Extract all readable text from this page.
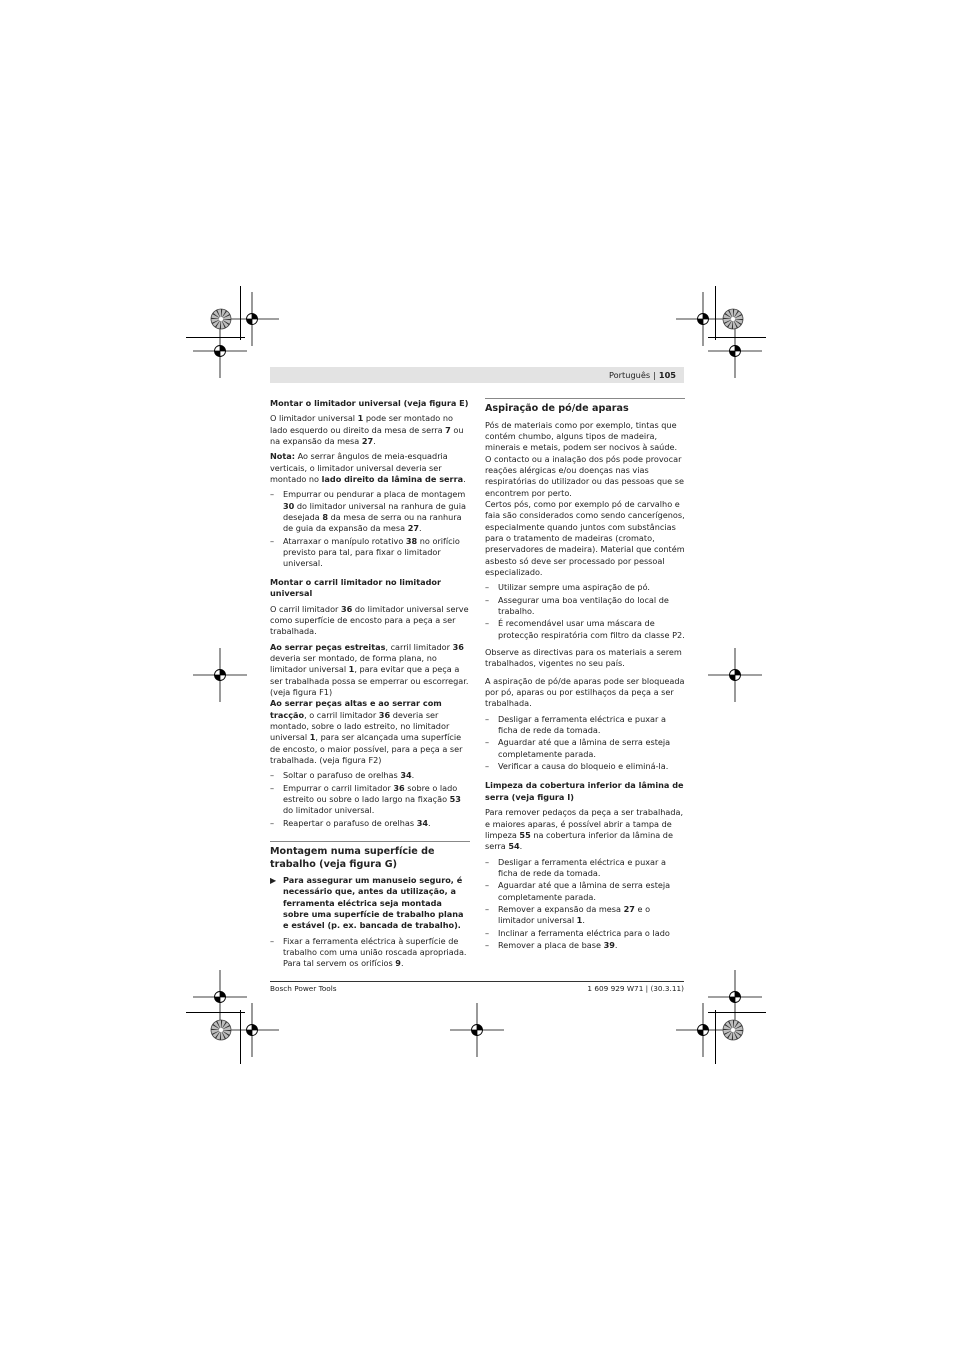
Português | 105
Montar o limitador universal (veja figura E)

O limitador universal 1 pode ser montado no lado esquerdo ou direito da mesa de serra 7 ou na expansão da mesa 27.

Nota: Ao serrar ângulos de meia-esquadria verticais, o limitador universal deveria ser montado no lado direito da lâmina de serra.

– Empurrar ou pendurar a placa de montagem 30 do limitador universal na ranhura de guia desejada 8 da mesa de serra ou na ranhura de guia da expansão da mesa 27.
– Atarraxar o manípulo rotativo 38 no orifício previsto para tal, para fixar o limitador universal.
Montar o carril limitador no limitador universal

O carril limitador 36 do limitador universal serve como superfície de encosto para a peça a ser trabalhada.

Ao serrar peças estreitas, carril limitador 36 deveria ser montado, de forma plana, no limitador universal 1, para evitar que a peça a ser trabalhada possa se emperrar ou escorregar. (veja figura F1)

Ao serrar peças altas e ao serrar com tracção, o carril limitador 36 deveria ser montado, sobre o lado estreito, no limitador universal 1, para ser alcançada uma superfície de encosto, o maior possível, para a peça a ser trabalhada. (veja figura F2)

– Soltar o parafuso de orelhas 34.
– Empurrar o carril limitador 36 sobre o lado estreito ou sobre o lado largo na fixação 53 do limitador universal.
– Reapertar o parafuso de orelhas 34.
Montagem numa superfície de trabalho (veja figura G)
▶ Para assegurar um manuseio seguro, é necessário que, antes da utilização, a ferramenta eléctrica seja montada sobre uma superfície de trabalho plana e estável (p. ex. bancada de trabalho).
– Fixar a ferramenta eléctrica à superfície de trabalho com uma união roscada apropriada. Para tal servem os orifícios 9.
Aspiração de pó/de aparas

Pós de materiais como por exemplo, tintas que contém chumbo, alguns tipos de madeira, minerais e metais, podem ser nocivos à saúde. O contacto ou a inalação dos pós pode provocar reações alérgicas e/ou doenças nas vias respiratórias do utilizador ou das pessoas que se encontrem por perto.

Certos pós, como por exemplo pó de carvalho e faia são considerados como sendo cancerígenos, especialmente quando juntos com substâncias para o tratamento de madeiras (cromato, preservadores de madeira). Material que contém asbesto só deve ser processado por pessoal especializado.

– Utilizar sempre uma aspiração de pó.
– Assegurar uma boa ventilação do local de trabalho.
– É recomendável usar uma máscara de protecção respiratória com filtro da classe P2.

Observe as directivas para os materiais a serem trabalhados, vigentes no seu país.

A aspiração de pó/de aparas pode ser bloqueada por pó, aparas ou por estilhaços da peça a ser trabalhada.

– Desligar a ferramenta eléctrica e puxar a ficha de rede da tomada.
– Aguardar até que a lâmina de serra esteja completamente parada.
– Verificar a causa do bloqueio e eliminá-la.
Limpeza da cobertura inferior da lâmina de serra (veja figura I)

Para remover pedaços da peça a ser trabalhada, e maiores aparas, é possível abrir a tampa de limpeza 55 na cobertura inferior da lâmina de serra 54.

– Desligar a ferramenta eléctrica e puxar a ficha de rede da tomada.
– Aguardar até que a lâmina de serra esteja completamente parada.
– Remover a expansão da mesa 27 e o limitador universal 1.
– Inclinar a ferramenta eléctrica para o lado
– Remover a placa de base 39.
Bosch Power Tools	1 609 929 W71 | (30.3.11)
